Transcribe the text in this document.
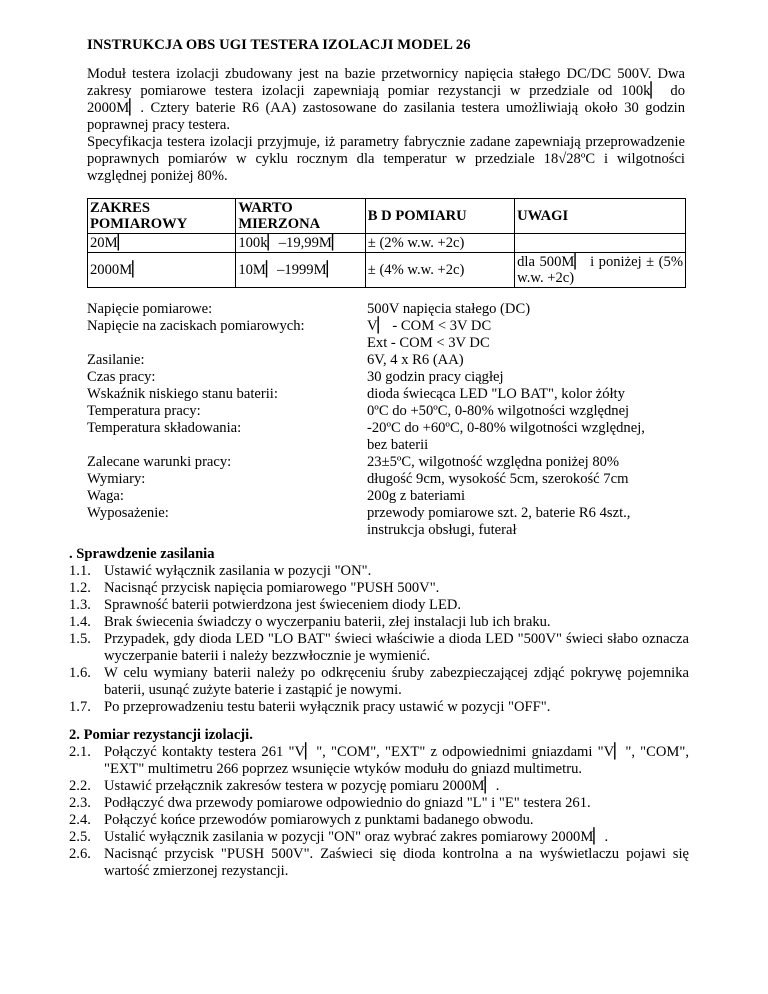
INSTRUKCJA OBS UGI TESTERA IZOLACJI MODEL 26

Moduł testera izolacji zbudowany jest na bazie przetwornicy napięcia stałego DC/DC 500V. Dwa zakresy pomiarowe testera izolacji zapewniają pomiar rezystancji w przedziale od 100k▏ do 2000M▏. Cztery baterie R6 (AA) zastosowane do zasilania testera umożliwiają około 30 godzin poprawnej pracy testera.

Specyfikacja testera izolacji przyjmuje, iż parametry fabrycznie zadane zapewniają przeprowadzenie poprawnych pomiarów w cyklu rocznym dla temperatur w przedziale 18√28ºC i wilgotności względnej poniżej 80%.

ZAKRES POMIAROWY	WARTO MIERZONA	B D POMIARU	UWAGI
20M▏	100k▏–19,99M▏	± (2% w.w. +2c)	
2000M▏	10M▏–1999M▏	± (4% w.w. +2c)	dla 500M▏ i poniżej ± (5% w.w. +2c)
Napięcie pomiarowe:	500V napięcia stałego (DC)
Napięcie na zaciskach pomiarowych:	V▏ - COM < 3V DC
Ext - COM < 3V DC
Zasilanie:	6V, 4 x R6 (AA)
Czas pracy:	30 godzin pracy ciągłej
Wskaźnik niskiego stanu baterii:	dioda świecąca LED "LO BAT", kolor żółty
Temperatura pracy:	0ºC do +50ºC, 0-80% wilgotności względnej
Temperatura składowania:	-20ºC do +60ºC, 0-80% wilgotności względnej,
bez baterii
Zalecane warunki pracy:	23±5ºC, wilgotność względna poniżej 80%
Wymiary:	długość 9cm, wysokość 5cm, szerokość 7cm
Waga:	200g z bateriami
Wyposażenie:	przewody pomiarowe szt. 2, baterie R6 4szt.,
instrukcja obsługi, futerał
. Sprawdzenie zasilania
1.1. Ustawić wyłącznik zasilania w pozycji "ON".
1.2. Nacisnąć przycisk napięcia pomiarowego "PUSH 500V".
1.3. Sprawność baterii potwierdzona jest świeceniem diody LED.
1.4. Brak świecenia świadczy o wyczerpaniu baterii, złej instalacji lub ich braku.
1.5. Przypadek, gdy dioda LED "LO BAT" świeci właściwie a dioda LED "500V" świeci słabo oznacza wyczerpanie baterii i należy bezzwłocznie je wymienić.
1.6. W celu wymiany baterii należy po odkręceniu śruby zabezpieczającej zdjąć pokrywę pojemnika baterii, usunąć zużyte baterie i zastąpić je nowymi.
1.7. Po przeprowadzeniu testu baterii wyłącznik pracy ustawić w pozycji "OFF".
2. Pomiar rezystancji izolacji.
2.1. Połączyć kontakty testera 261 "V▏", "COM", "EXT" z odpowiednimi gniazdami "V▏", "COM", "EXT" multimetru 266 poprzez wsunięcie wtyków modułu do gniazd multimetru.
2.2. Ustawić przełącznik zakresów testera w pozycję pomiaru 2000M▏.
2.3. Podłączyć dwa przewody pomiarowe odpowiednio do gniazd "L" i "E" testera 261.
2.4. Połączyć końce przewodów pomiarowych z punktami badanego obwodu.
2.5. Ustalić wyłącznik zasilania w pozycji "ON" oraz wybrać zakres pomiarowy 2000M▏.
2.6. Nacisnąć przycisk "PUSH 500V". Zaświeci się dioda kontrolna a na wyświetlaczu pojawi się wartość zmierzonej rezystancji.
